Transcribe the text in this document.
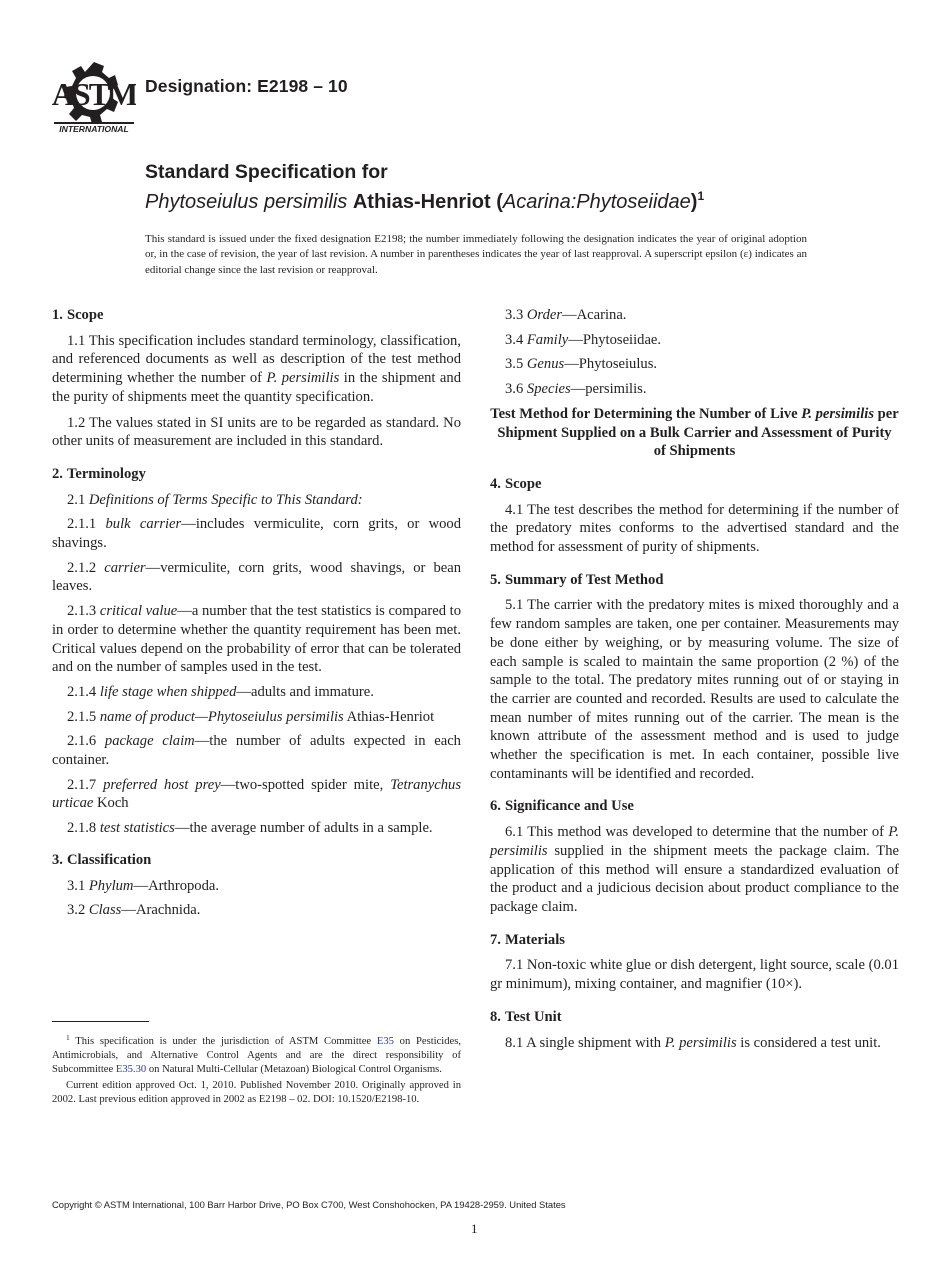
ASTM
INTERNATIONAL
Designation: E2198 – 10
Standard Specification for
Phytoseiulus persimilis Athias-Henriot (Acarina:Phytoseiidae)$^1$
This standard is issued under the fixed designation E2198; the number immediately following the designation indicates the year of original adoption or, in the case of revision, the year of last revision. A number in parentheses indicates the year of last reapproval. A superscript epsilon (ε) indicates an editorial change since the last revision or reapproval.
1. Scope

1.1 This specification includes standard terminology, classification, and referenced documents as well as description of the test method determining whether the number of P. persimilis in the shipment and the purity of shipments meet the quantity specification.

1.2 The values stated in SI units are to be regarded as standard. No other units of measurement are included in this standard.

2. Terminology

2.1 Definitions of Terms Specific to This Standard:

2.1.1 bulk carrier—includes vermiculite, corn grits, or wood shavings.

2.1.2 carrier—vermiculite, corn grits, wood shavings, or bean leaves.

2.1.3 critical value—a number that the test statistics is compared to in order to determine whether the quantity requirement has been met. Critical values depend on the probability of error that can be tolerated and on the number of samples used in the test.

2.1.4 life stage when shipped—adults and immature.

2.1.5 name of product—Phytoseiulus persimilis Athias-Henriot

2.1.6 package claim—the number of adults expected in each container.

2.1.7 preferred host prey—two-spotted spider mite, Tetranychus urticae Koch

2.1.8 test statistics—the average number of adults in a sample.

3. Classification

3.1 Phylum—Arthropoda.

3.2 Class—Arachnida.

$^1$ This specification is under the jurisdiction of ASTM Committee E35 on Pesticides, Antimicrobials, and Alternative Control Agents and are the direct responsibility of Subcommittee E35.30 on Natural Multi-Cellular (Metazoan) Biological Control Organisms.

Current edition approved Oct. 1, 2010. Published November 2010. Originally approved in 2002. Last previous edition approved in 2002 as E2198 – 02. DOI: 10.1520/E2198-10.

3.3 Order—Acarina.

3.4 Family—Phytoseiidae.

3.5 Genus—Phytoseiulus.

3.6 Species—persimilis.

Test Method for Determining the Number of Live P. persimilis per Shipment Supplied on a Bulk Carrier and Assessment of Purity of Shipments
4. Scope

4.1 The test describes the method for determining if the number of the predatory mites conforms to the advertised standard and the method for assessment of purity of shipments.

5. Summary of Test Method

5.1 The carrier with the predatory mites is mixed thoroughly and a few random samples are taken, one per container. Measurements may be done either by weighing, or by measuring volume. The size of each sample is scaled to maintain the same proportion (2 %) of the sample to the total. The predatory mites running out of or staying in the carrier are counted and recorded. Results are used to calculate the mean number of mites running out of the carrier. The mean is the known attribute of the assessment method and is used to judge whether the specification is met. In each container, possible live contaminants will be identified and recorded.

6. Significance and Use

6.1 This method was developed to determine that the number of P. persimilis supplied in the shipment meets the package claim. The application of this method will ensure a standardized evaluation of the product and a judicious decision about product compliance to the package claim.

7. Materials

7.1 Non-toxic white glue or dish detergent, light source, scale (0.01 gr minimum), mixing container, and magnifier (10×).

8. Test Unit

8.1 A single shipment with P. persimilis is considered a test unit.

Copyright © ASTM International, 100 Barr Harbor Drive, PO Box C700, West Conshohocken, PA 19428-2959. United States
1
